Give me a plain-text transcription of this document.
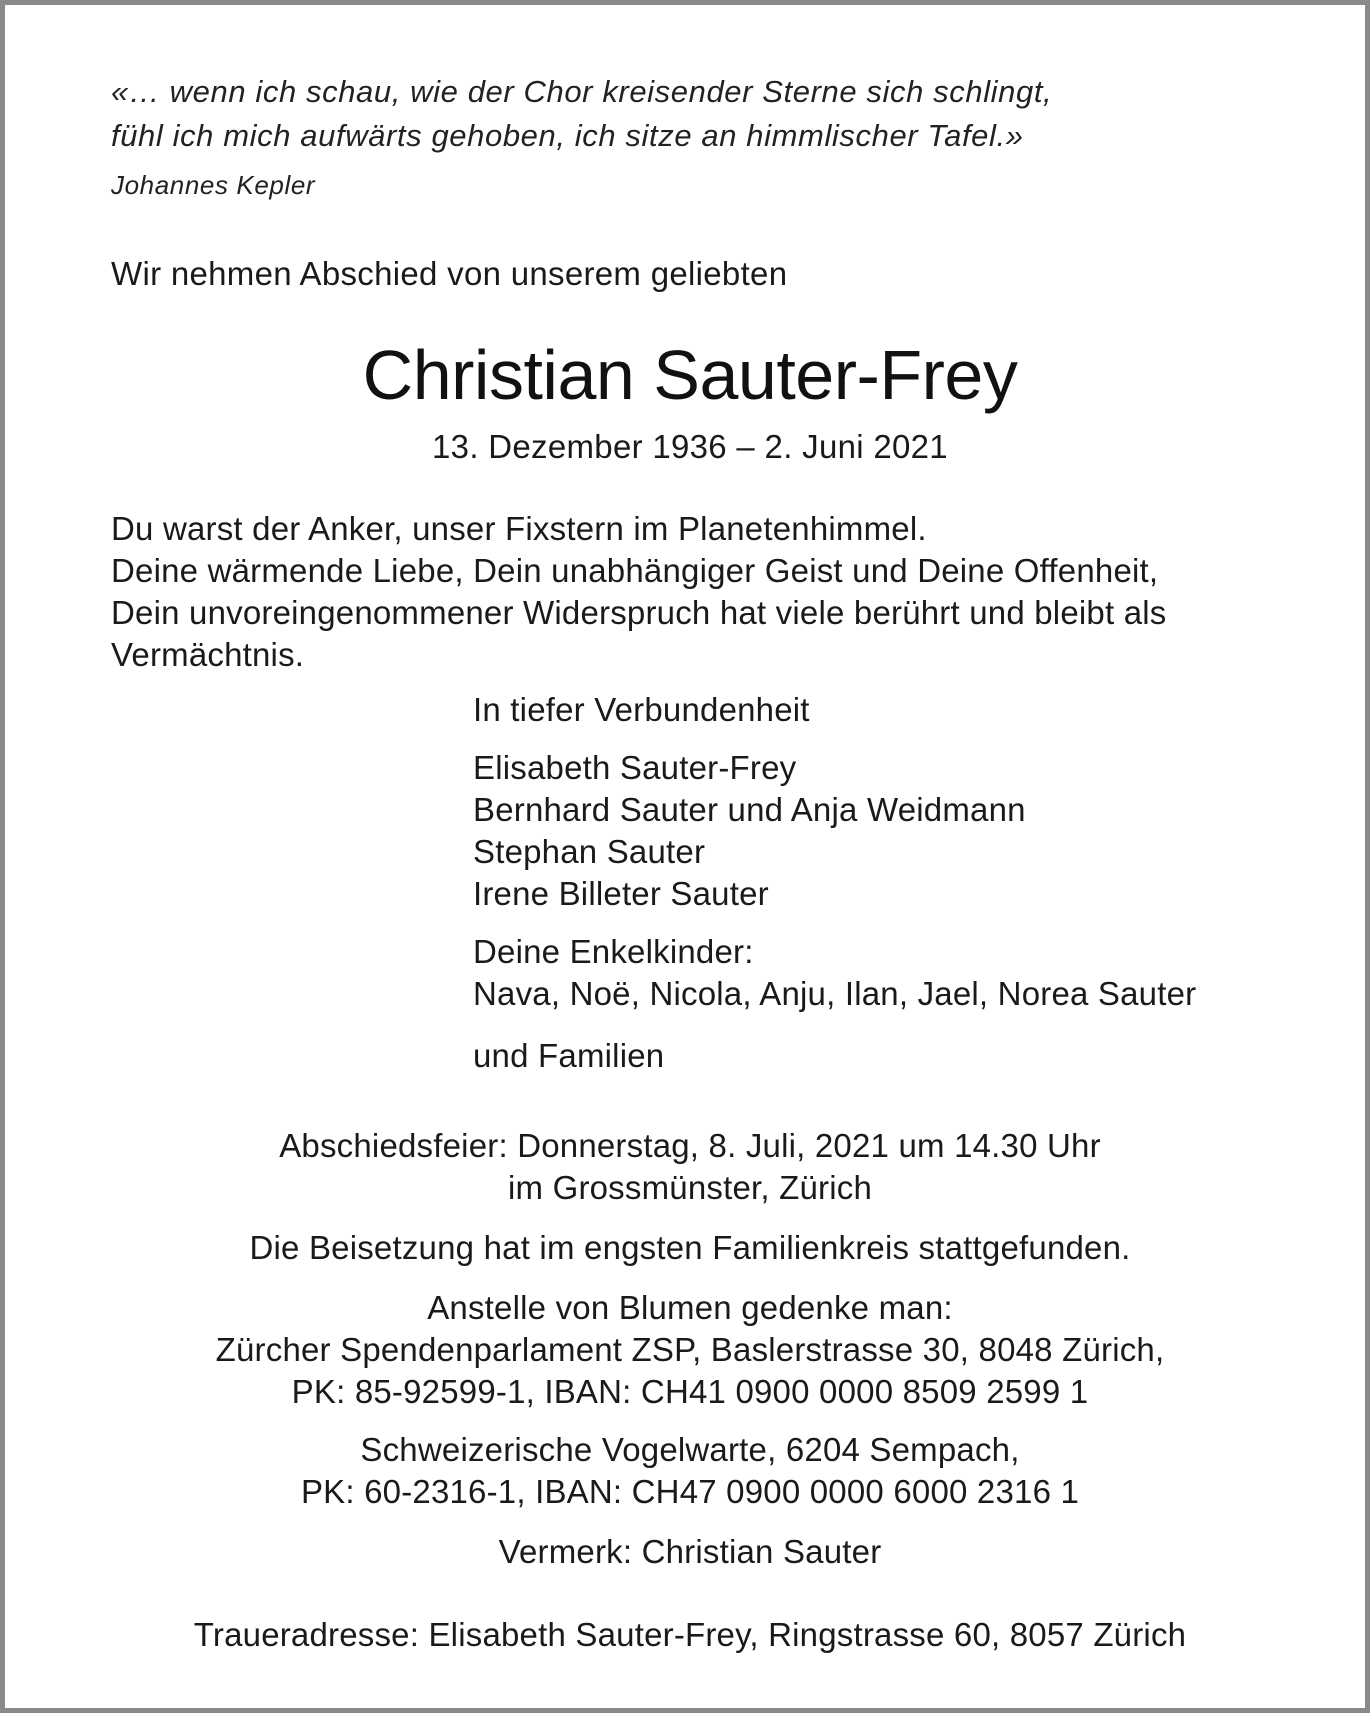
«… wenn ich schau, wie der Chor kreisender Sterne sich schlingt,
fühl ich mich aufwärts gehoben, ich sitze an himmlischer Tafel.»
Johannes Kepler
Wir nehmen Abschied von unserem geliebten
Christian Sauter-Frey
13. Dezember 1936 – 2. Juni 2021
Du warst der Anker, unser Fixstern im Planetenhimmel.
Deine wärmende Liebe, Dein unabhängiger Geist und Deine Offenheit,
Dein unvoreingenommener Widerspruch hat viele berührt und bleibt als
Vermächtnis.
In tiefer Verbundenheit
Elisabeth Sauter-Frey
Bernhard Sauter und Anja Weidmann
Stephan Sauter
Irene Billeter Sauter
Deine Enkelkinder:
Nava, Noë, Nicola, Anju, Ilan, Jael, Norea Sauter
und Familien
Abschiedsfeier: Donnerstag, 8. Juli, 2021 um 14.30 Uhr
im Grossmünster, Zürich
Die Beisetzung hat im engsten Familienkreis stattgefunden.
Anstelle von Blumen gedenke man:
Zürcher Spendenparlament ZSP, Baslerstrasse 30, 8048 Zürich,
PK: 85-92599-1, IBAN: CH41 0900 0000 8509 2599 1
Schweizerische Vogelwarte, 6204 Sempach,
PK: 60-2316-1, IBAN: CH47 0900 0000 6000 2316 1
Vermerk: Christian Sauter
Traueradresse: Elisabeth Sauter-Frey, Ringstrasse 60, 8057 Zürich
